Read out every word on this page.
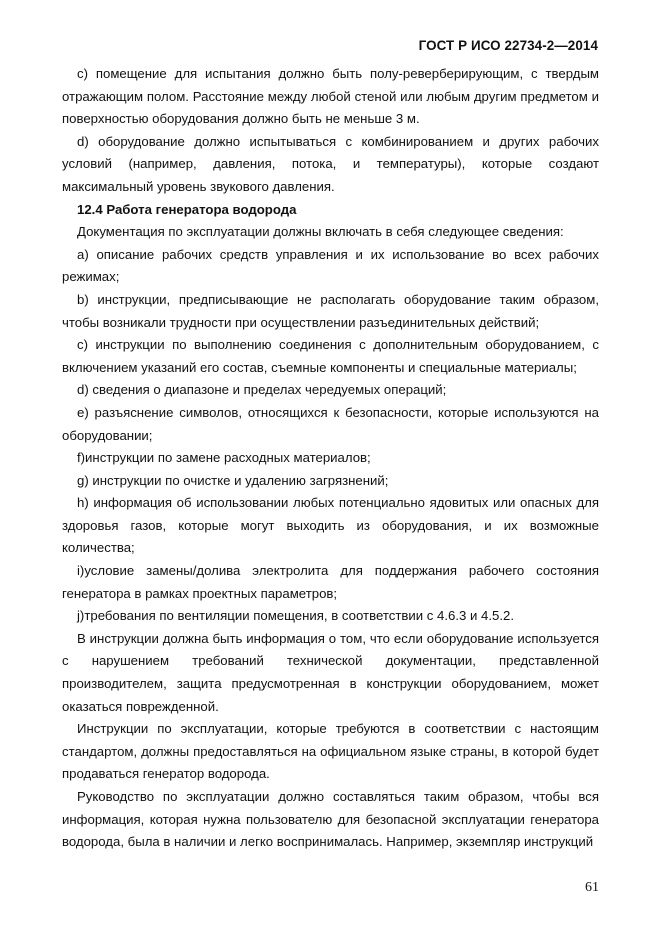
ГОСТ Р ИСО 22734-2—2014

с) помещение для испытания должно быть полу-реверберирующим, с твердым отражающим полом. Расстояние между любой стеной или любым другим предметом и поверхностью оборудования должно быть не меньше 3 м.

d) оборудование должно испытываться с комбинированием и других рабочих условий (например, давления, потока, и температуры), которые создают максимальный уровень звукового давления.

12.4 Работа генератора водорода

Документация по эксплуатации должны включать в себя следующее сведения:

а) описание рабочих средств управления и их использование во всех рабочих режимах;

b) инструкции, предписывающие не располагать оборудование таким образом, чтобы возникали трудности при осуществлении разъединительных действий;

c) инструкции по выполнению соединения с дополнительным оборудованием, с включением указаний его состав, съемные компоненты и специальные материалы;

d) сведения о диапазоне и пределах чередуемых операций;

e) разъяснение символов, относящихся к безопасности, которые используются на оборудовании;

f)инструкции по замене расходных материалов;

g) инструкции по очистке и удалению загрязнений;

h) информация об использовании любых потенциально ядовитых или опасных для здоровья газов, которые могут выходить из оборудования, и их возможные количества;

i)условие замены/долива электролита для поддержания рабочего состояния генератора в рамках проектных параметров;

j)требования по вентиляции помещения, в соответствии с 4.6.3 и 4.5.2.

В инструкции должна быть информация о том, что если оборудование используется с нарушением требований технической документации, представленной производителем, защита предусмотренная в конструкции оборудованием, может оказаться поврежденной.

Инструкции по эксплуатации, которые требуются в соответствии с настоящим стандартом, должны предоставляться на официальном языке страны, в которой будет продаваться генератор водорода.

Руководство по эксплуатации должно составляться таким образом, чтобы вся информация, которая нужна пользователю для безопасной эксплуатации генератора водорода, была в наличии и легко воспринималась. Например, экземпляр инструкций

61
